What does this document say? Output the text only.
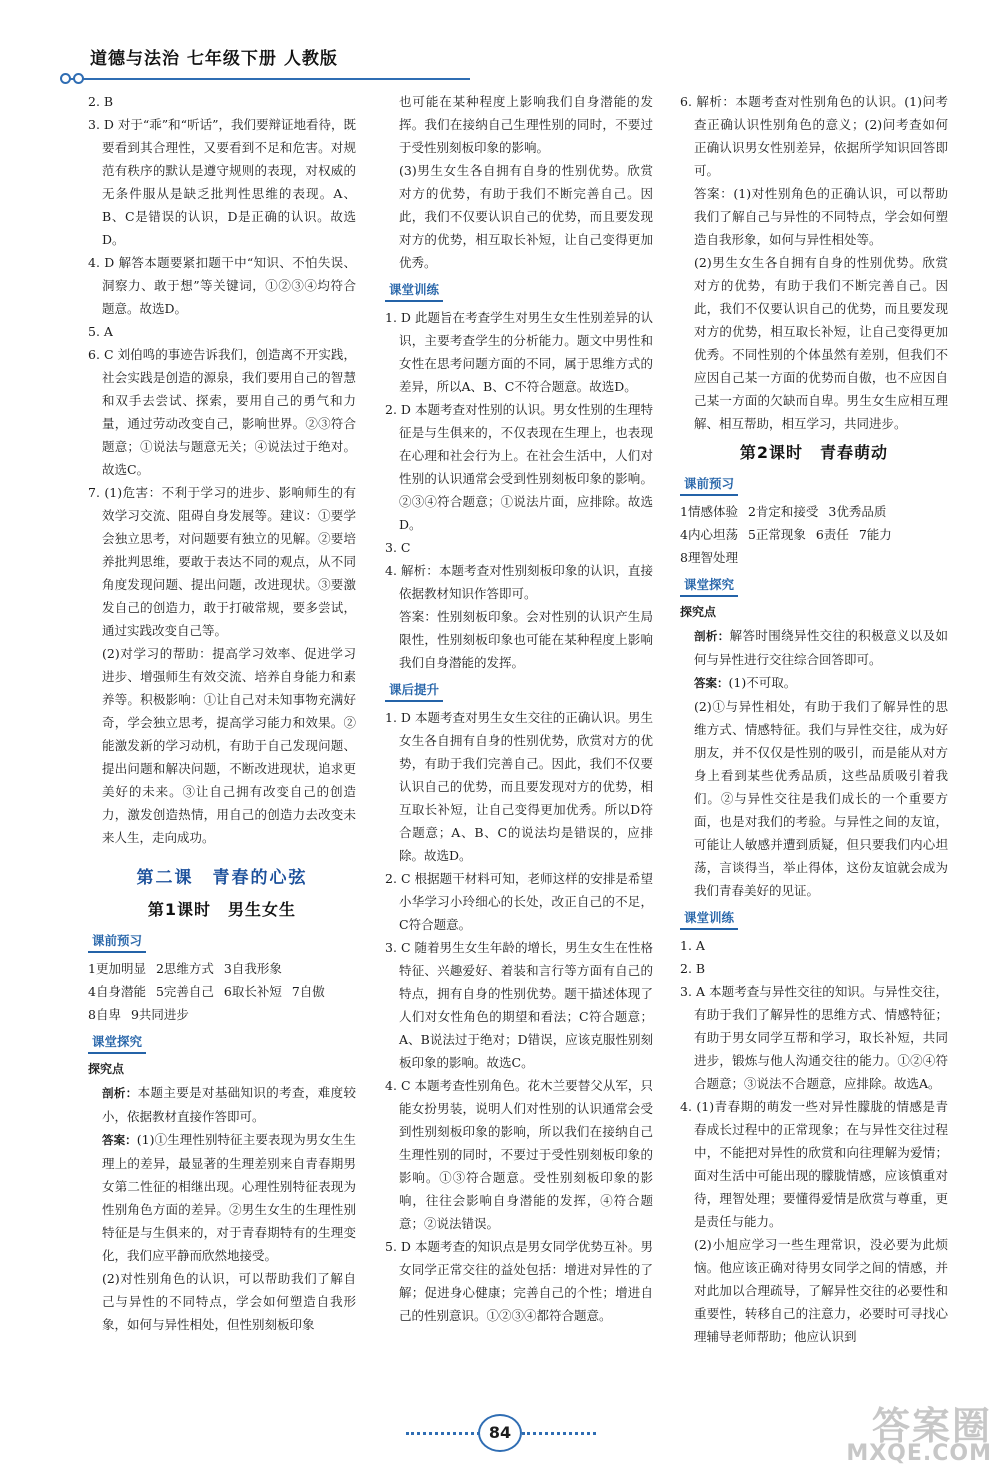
道德与法治 七年级下册 人教版

2. B

3. D 对于“乖”和“听话”，我们要辩证地看待，既要看到其合理性，又要看到不足和危害。对规范有秩序的默认是遵守规则的表现，对权威的无条件服从是缺乏批判性思维的表现。A、B、C是错误的认识，D是正确的认识。故选D。

4. D 解答本题要紧扣题干中“知识、不怕失误、洞察力、敢于想”等关键词，①②③④均符合题意。故选D。

5. A

6. C 刘伯鸣的事迹告诉我们，创造离不开实践，社会实践是创造的源泉，我们要用自己的智慧和双手去尝试、探索，要用自己的勇气和力量，通过劳动改变自己，影响世界。②③符合题意；①说法与题意无关；④说法过于绝对。故选C。

7. (1)危害：不利于学习的进步、影响师生的有效学习交流、阻碍自身发展等。建议：①要学会独立思考，对问题要有独立的见解。②要培养批判思维，要敢于表达不同的观点，从不同角度发现问题、提出问题，改进现状。③要激发自己的创造力，敢于打破常规，要多尝试，通过实践改变自己等。

(2)对学习的帮助：提高学习效率、促进学习进步、增强师生有效交流、培养自身能力和素养等。积极影响：①让自己对未知事物充满好奇，学会独立思考，提高学习能力和效果。②能激发新的学习动机，有助于自己发现问题、提出问题和解决问题，不断改进现状，追求更美好的未来。③让自己拥有改变自己的创造力，激发创造热情，用自己的创造力去改变未来人生，走向成功。

第二课　青春的心弦
第1课时　男生女生
课前预习
1更加明显 2思维方式 3自我形象
4自身潜能 5完善自己 6取长补短 7自傲
8自卑 9共同进步
课堂探究
探究点

剖析：本题主要是对基础知识的考查，难度较小，依据教材直接作答即可。

答案：(1)①生理性别特征主要表现为男女生生理上的差异，最显著的生理差别来自青春期男女第二性征的相继出现。心理性别特征表现为性别角色方面的差异。②男生女生的生理性别特征是与生俱来的，对于青春期特有的生理变化，我们应平静而欣然地接受。

(2)对性别角色的认识，可以帮助我们了解自己与异性的不同特点，学会如何塑造自我形象，如何与异性相处，但性别刻板印象

也可能在某种程度上影响我们自身潜能的发挥。我们在接纳自己生理性别的同时，不要过于受性别刻板印象的影响。

(3)男生女生各自拥有自身的性别优势。欣赏对方的优势，有助于我们不断完善自己。因此，我们不仅要认识自己的优势，而且要发现对方的优势，相互取长补短，让自己变得更加优秀。

课堂训练

1. D 此题旨在考查学生对男生女生性别差异的认识，主要考查学生的分析能力。题文中男性和女性在思考问题方面的不同，属于思维方式的差异，所以A、B、C不符合题意。故选D。

2. D 本题考查对性别的认识。男女性别的生理特征是与生俱来的，不仅表现在生理上，也表现在心理和社会行为上。在社会生活中，人们对性别的认识通常会受到性别刻板印象的影响。②③④符合题意；①说法片面，应排除。故选D。

3. C

4. 解析：本题考查对性别刻板印象的认识，直接依据教材知识作答即可。

答案：性别刻板印象。会对性别的认识产生局限性，性别刻板印象也可能在某种程度上影响我们自身潜能的发挥。

课后提升

1. D 本题考查对男生女生交往的正确认识。男生女生各自拥有自身的性别优势，欣赏对方的优势，有助于我们完善自己。因此，我们不仅要认识自己的优势，而且要发现对方的优势，相互取长补短，让自己变得更加优秀。所以D符合题意；A、B、C的说法均是错误的，应排除。故选D。

2. C 根据题干材料可知，老师这样的安排是希望小华学习小玲细心的长处，改正自己的不足，C符合题意。

3. C 随着男生女生年龄的增长，男生女生在性格特征、兴趣爱好、着装和言行等方面有自己的特点，拥有自身的性别优势。题干描述体现了人们对女性角色的期望和看法；C符合题意；A、B说法过于绝对；D错误，应该克服性别刻板印象的影响。故选C。

4. C 本题考查性别角色。花木兰要替父从军，只能女扮男装，说明人们对性别的认识通常会受到性别刻板印象的影响，所以我们在接纳自己生理性别的同时，不要过于受性别刻板印象的影响。①③符合题意。受性别刻板印象的影响，往往会影响自身潜能的发挥，④符合题意；②说法错误。

5. D 本题考查的知识点是男女同学优势互补。男女同学正常交往的益处包括：增进对异性的了解；促进身心健康；完善自己的个性；增进自己的性别意识。①②③④都符合题意。

6. 解析：本题考查对性别角色的认识。(1)问考查正确认识性别角色的意义；(2)问考查如何正确认识男女性别差异，依据所学知识回答即可。

答案：(1)对性别角色的正确认识，可以帮助我们了解自己与异性的不同特点，学会如何塑造自我形象，如何与异性相处等。

(2)男生女生各自拥有自身的性别优势。欣赏对方的优势，有助于我们不断完善自己。因此，我们不仅要认识自己的优势，而且要发现对方的优势，相互取长补短，让自己变得更加优秀。不同性别的个体虽然有差别，但我们不应因自己某一方面的优势而自傲，也不应因自己某一方面的欠缺而自卑。男生女生应相互理解、相互帮助，相互学习，共同进步。

第2课时　青春萌动
课前预习
1情感体验 2肯定和接受 3优秀品质
4内心坦荡 5正常现象 6责任 7能力
8理智处理
课堂探究
探究点

剖析：解答时围绕异性交往的积极意义以及如何与异性进行交往综合回答即可。

答案：(1)不可取。

(2)①与异性相处，有助于我们了解异性的思维方式、情感特征。我们与异性交往，成为好朋友，并不仅仅是性别的吸引，而是能从对方身上看到某些优秀品质，这些品质吸引着我们。②与异性交往是我们成长的一个重要方面，也是对我们的考验。与异性之间的友谊，可能让人敏感并遭到质疑，但只要我们内心坦荡，言谈得当，举止得体，这份友谊就会成为我们青春美好的见证。

课堂训练

1. A

2. B

3. A 本题考查与异性交往的知识。与异性交往，有助于我们了解异性的思维方式、情感特征；有助于男女同学互帮和学习，取长补短，共同进步，锻炼与他人沟通交往的能力。①②④符合题意；③说法不合题意，应排除。故选A。

4. (1)青春期的萌发一些对异性朦胧的情感是青春成长过程中的正常现象；在与异性交往过程中，不能把对异性的欣赏和向往理解为爱情；面对生活中可能出现的朦胧情感，应该慎重对待，理智处理；要懂得爱情是欣赏与尊重，更是责任与能力。

(2)小旭应学习一些生理常识，没必要为此烦恼。他应该正确对待男女同学之间的情感，并对此加以合理疏导，了解异性交往的必要性和重要性，转移自己的注意力，必要时可寻找心理辅导老师帮助；他应认识到

84	答案圈
MXQE.COM
